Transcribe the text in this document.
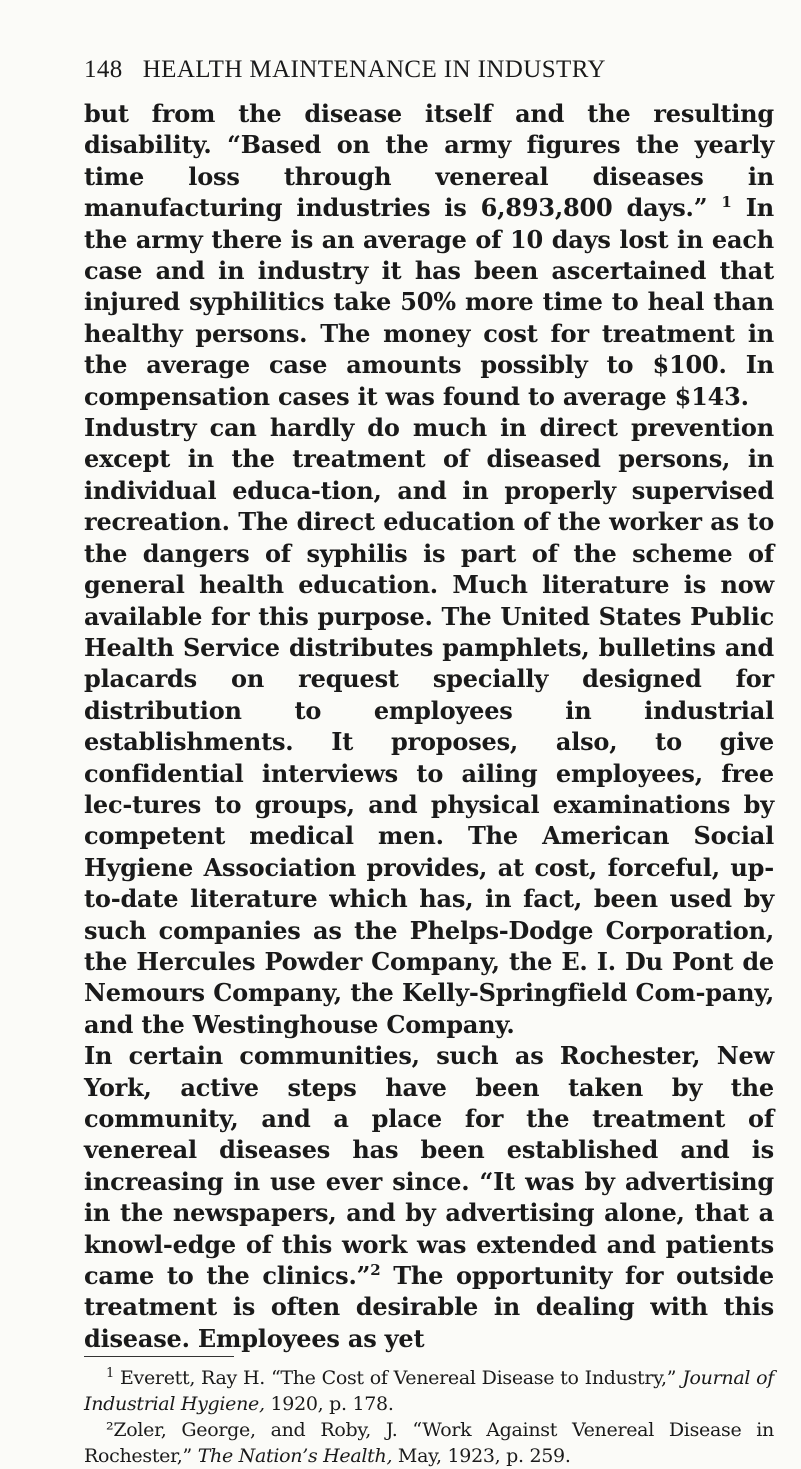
148 HEALTH MAINTENANCE IN INDUSTRY

but from the disease itself and the resulting disability. “Based on the army figures the yearly time loss through venereal diseases in manufacturing industries is 6,893,800 days.” $^1$ In the army there is an average of 10 days lost in each case and in industry it has been ascertained that injured syphilitics take 50% more time to heal than healthy persons. The money cost for treatment in the average case amounts possibly to $100. In compensation cases it was found to average $143.

Industry can hardly do much in direct prevention except in the treatment of diseased persons, in individual educa-tion, and in properly supervised recreation. The direct education of the worker as to the dangers of syphilis is part of the scheme of general health education. Much literature is now available for this purpose. The United States Public Health Service distributes pamphlets, bulletins and placards on request specially designed for distribution to employees in industrial establishments. It proposes, also, to give confidential interviews to ailing employees, free lec-tures to groups, and physical examinations by competent medical men. The American Social Hygiene Association provides, at cost, forceful, up-to-date literature which has, in fact, been used by such companies as the Phelps-Dodge Corporation, the Hercules Powder Company, the E. I. Du Pont de Nemours Company, the Kelly-Springfield Com-pany, and the Westinghouse Company.

In certain communities, such as Rochester, New York, active steps have been taken by the community, and a place for the treatment of venereal diseases has been established and is increasing in use ever since. “It was by advertising in the newspapers, and by advertising alone, that a knowl-edge of this work was extended and patients came to the clinics.”$^2$ The opportunity for outside treatment is often desirable in dealing with this disease. Employees as yet

$^1$ Everett, Ray H. “The Cost of Venereal Disease to Industry,” Journal of Industrial Hygiene, 1920, p. 178.

²Zoler, George, and Roby, J. “Work Against Venereal Disease in Rochester,” The Nation’s Health, May, 1923, p. 259.
